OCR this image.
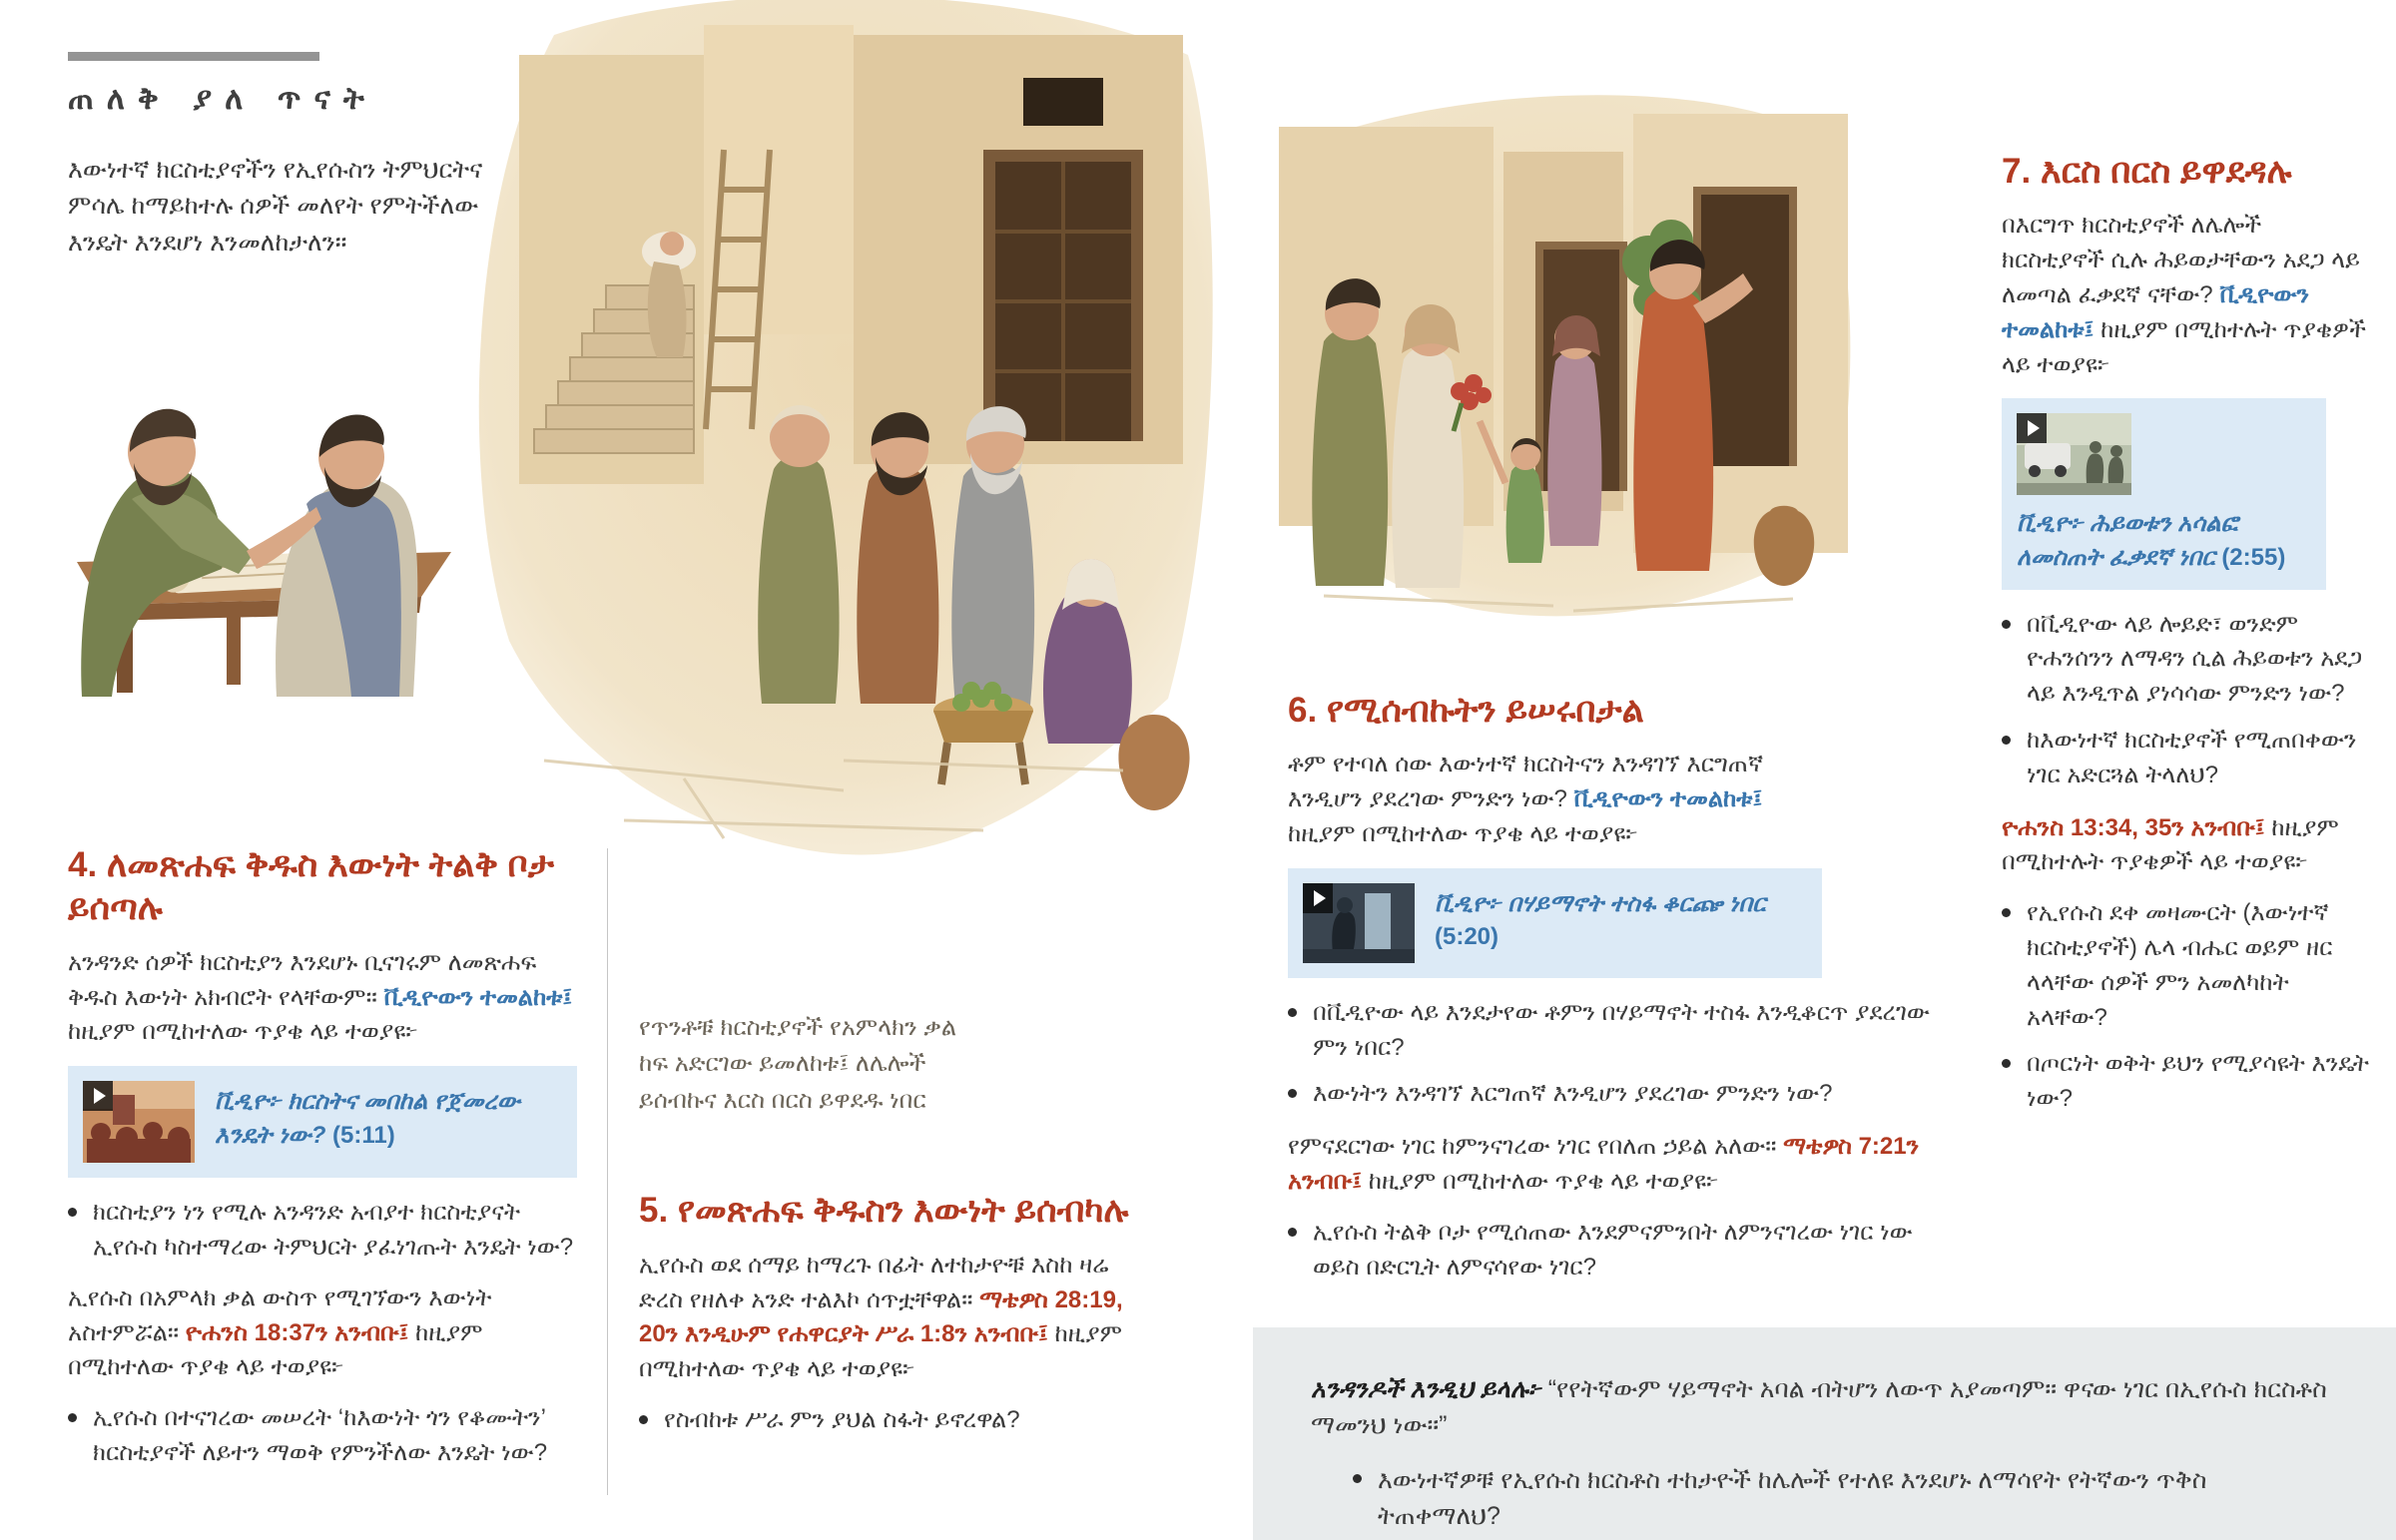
ጠለቅ ያለ ጥናት

እውነተኛ ክርስቲያኖችን የኢየሱስን ትምህርትና ምሳሌ ከማይከተሉ ሰዎች መለየት የምትችለው እንዴት እንደሆነ እንመለከታለን።

4. ለመጽሐፍ ቅዱስ እውነት ትልቅ ቦታ ይሰጣሉ

አንዳንድ ሰዎች ክርስቲያን እንደሆኑ ቢናገሩም ለመጽሐፍ ቅዱስ እውነት አክብሮት የላቸውም። ቪዲዮውን ተመልከቱ፤ ከዚያም በሚከተለው ጥያቄ ላይ ተወያዩ፦

ቪዲዮ፦ ክርስትና መበከል የጀመረው እንዴት ነው? (5:11)

ክርስቲያን ነን የሚሉ አንዳንድ አብያተ ክርስቲያናት ኢየሱስ ካስተማረው ትምህርት ያፈነገጡት እንዴት ነው?

ኢየሱስ በአምላክ ቃል ውስጥ የሚገኘውን እውነት አስተምሯል። ዮሐንስ 18:37ን አንብቡ፤ ከዚያም በሚከተለው ጥያቄ ላይ ተወያዩ፦

ኢየሱስ በተናገረው መሠረት ‘ከእውነት ጎን የቆሙትን’ ክርስቲያኖች ለይተን ማወቅ የምንችለው እንዴት ነው?

የጥንቶቹ ክርስቲያኖች የአምላክን ቃል ከፍ አድርገው ይመለከቱ፤ ለሌሎች ይሰብኩና እርስ በርስ ይዋደዱ ነበር

5. የመጽሐፍ ቅዱስን እውነት ይሰብካሉ

ኢየሱስ ወደ ሰማይ ከማረጉ በፊት ለተከታዮቹ እስከ ዛሬ ድረስ የዘለቀ አንድ ተልእኮ ሰጥቷቸዋል። ማቴዎስ 28:19, 20ን እንዲሁም የሐዋርያት ሥራ 1:8ን አንብቡ፤ ከዚያም በሚከተለው ጥያቄ ላይ ተወያዩ፦

የስብከቱ ሥራ ምን ያህል ስፋት ይኖረዋል?
6. የሚሰብኩትን ይሠሩበታል

ቶም የተባለ ሰው እውነተኛ ክርስትናን እንዳገኘ እርግጠኛ እንዲሆን ያደረገው ምንድን ነው? ቪዲዮውን ተመልከቱ፤ ከዚያም በሚከተለው ጥያቄ ላይ ተወያዩ፦

ቪዲዮ፦ በሃይማኖት ተስፋ ቆርጬ ነበር (5:20)

በቪዲዮው ላይ እንደታየው ቶምን በሃይማኖት ተስፋ እንዲቆርጥ ያደረገው ምን ነበር?
እውነትን እንዳገኘ እርግጠኛ እንዲሆን ያደረገው ምንድን ነው?

የምናደርገው ነገር ከምንናገረው ነገር የበለጠ ኃይል አለው። ማቴዎስ 7:21ን አንብቡ፤ ከዚያም በሚከተለው ጥያቄ ላይ ተወያዩ፦

ኢየሱስ ትልቅ ቦታ የሚሰጠው እንደምናምንበት ለምንናገረው ነገር ነው ወይስ በድርጊት ለምናሳየው ነገር?
7. እርስ በርስ ይዋደዳሉ

በእርግጥ ክርስቲያኖች ለሌሎች ክርስቲያኖች ሲሉ ሕይወታቸውን አደጋ ላይ ለመጣል ፈቃደኛ ናቸው? ቪዲዮውን ተመልከቱ፤ ከዚያም በሚከተሉት ጥያቄዎች ላይ ተወያዩ፦

ቪዲዮ፦ ሕይወቱን አሳልፎ ለመስጠት ፈቃደኛ ነበር (2:55)

በቪዲዮው ላይ ሎይድ፣ ወንድም ዮሐንሰንን ለማዳን ሲል ሕይወቱን አደጋ ላይ እንዲጥል ያነሳሳው ምንድን ነው?
ከእውነተኛ ክርስቲያኖች የሚጠበቀውን ነገር አድርጓል ትላለህ?

ዮሐንስ 13:34, 35ን አንብቡ፤ ከዚያም በሚከተሉት ጥያቄዎች ላይ ተወያዩ፦

የኢየሱስ ደቀ መዛሙርት (እውነተኛ ክርስቲያኖች) ሌላ ብሔር ወይም ዘር ላላቸው ሰዎች ምን አመለካከት አላቸው?
በጦርነት ወቅት ይህን የሚያሳዩት እንዴት ነው?

አንዳንዶች እንዲህ ይላሉ፦ “የየትኛውም ሃይማኖት አባል ብትሆን ለውጥ አያመጣም። ዋናው ነገር በኢየሱስ ክርስቶስ ማመንህ ነው።”

እውነተኛዎቹ የኢየሱስ ክርስቶስ ተከታዮች ከሌሎች የተለዩ እንደሆኑ ለማሳየት የትኛውን ጥቅስ ትጠቀማለህ?
